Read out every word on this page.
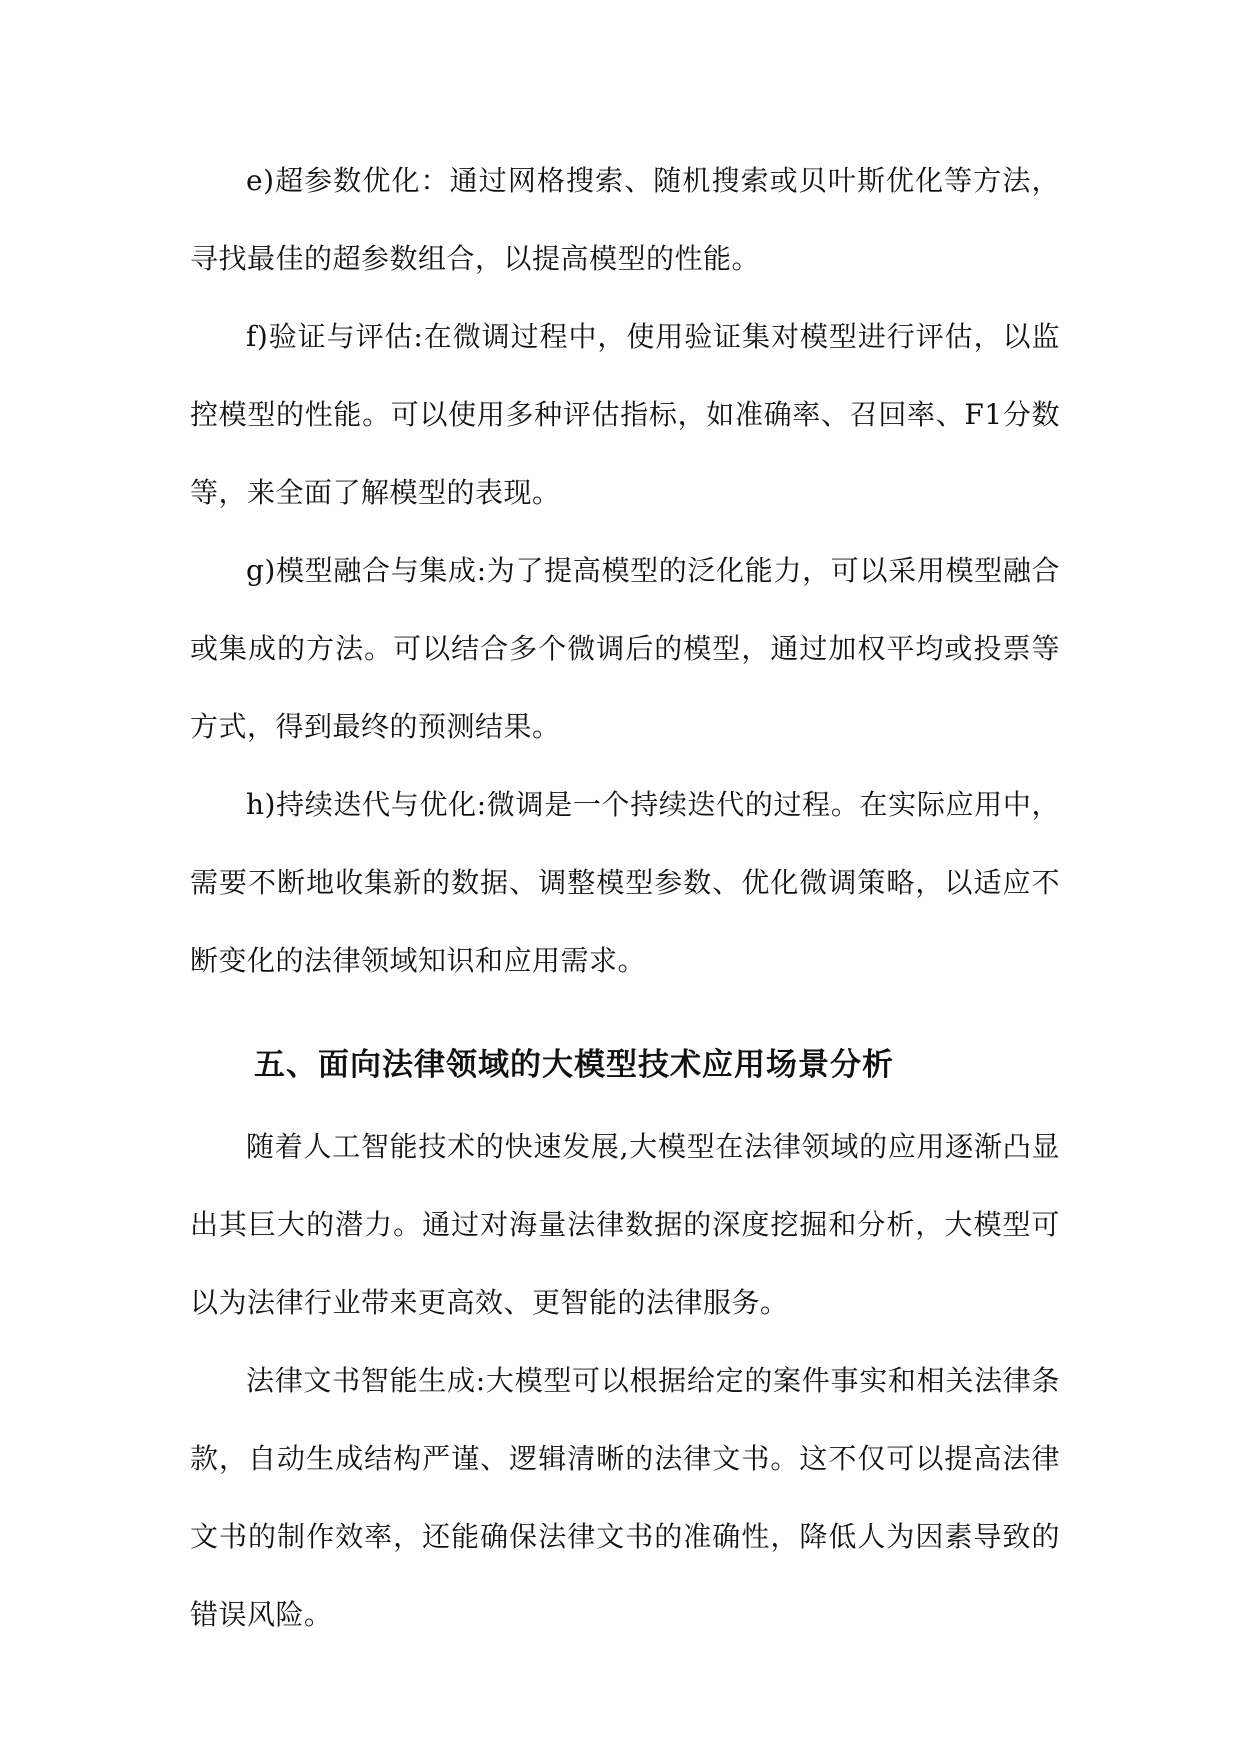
e)超参数优化：通过网格搜索、随机搜索或贝叶斯优化等方法，寻找最佳的超参数组合，以提高模型的性能。

f)验证与评估:在微调过程中，使用验证集对模型进行评估，以监控模型的性能。可以使用多种评估指标，如准确率、召回率、F1分数等，来全面了解模型的表现。

g)模型融合与集成:为了提高模型的泛化能力，可以采用模型融合或集成的方法。可以结合多个微调后的模型，通过加权平均或投票等方式，得到最终的预测结果。

h)持续迭代与优化:微调是一个持续迭代的过程。在实际应用中，需要不断地收集新的数据、调整模型参数、优化微调策略，以适应不断变化的法律领域知识和应用需求。

五、面向法律领域的大模型技术应用场景分析

随着人工智能技术的快速发展,大模型在法律领域的应用逐渐凸显出其巨大的潜力。通过对海量法律数据的深度挖掘和分析，大模型可以为法律行业带来更高效、更智能的法律服务。

法律文书智能生成:大模型可以根据给定的案件事实和相关法律条款，自动生成结构严谨、逻辑清晰的法律文书。这不仅可以提高法律文书的制作效率，还能确保法律文书的准确性，降低人为因素导致的错误风险。
